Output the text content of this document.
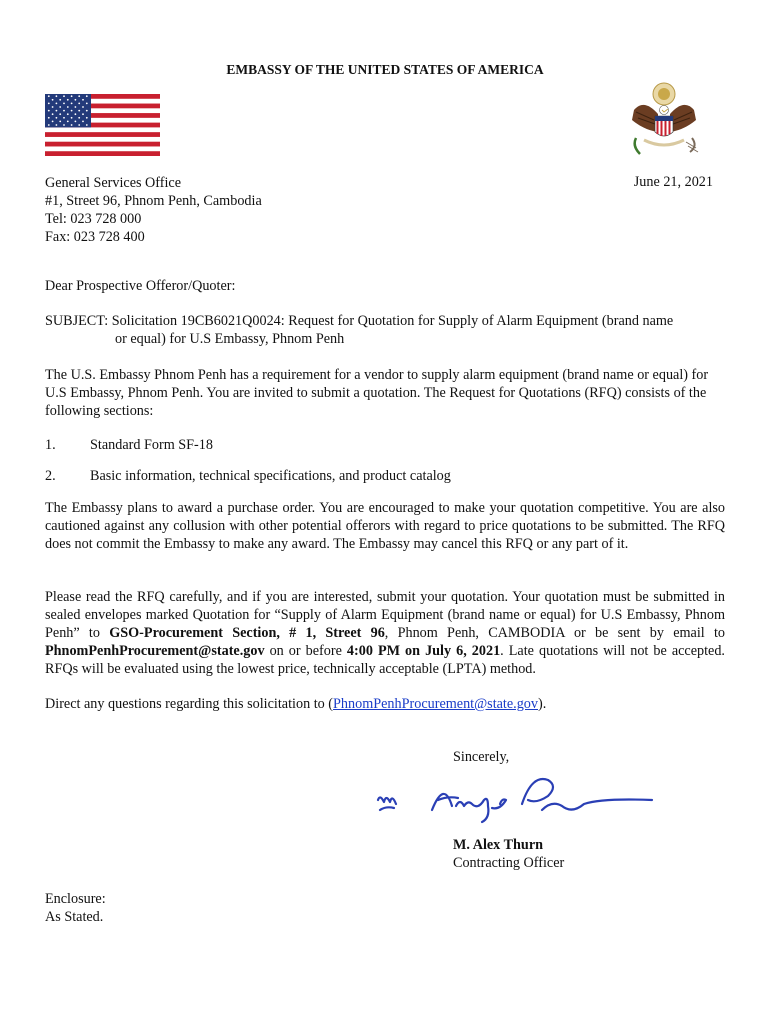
EMBASSY OF THE UNITED STATES OF AMERICA
General Services Office
#1, Street 96, Phnom Penh, Cambodia
Tel: 023 728 000
Fax: 023 728 400
June 21, 2021
Dear Prospective Offeror/Quoter:
SUBJECT: Solicitation 19CB6021Q0024: Request for Quotation for Supply of Alarm Equipment (brand name
or equal) for U.S Embassy, Phnom Penh
The U.S. Embassy Phnom Penh has a requirement for a vendor to supply alarm equipment (brand name or equal) for U.S Embassy, Phnom Penh. You are invited to submit a quotation. The Request for Quotations (RFQ) consists of the following sections:
1. Standard Form SF-18
2. Basic information, technical specifications, and product catalog
The Embassy plans to award a purchase order. You are encouraged to make your quotation competitive. You are also cautioned against any collusion with other potential offerors with regard to price quotations to be submitted. The RFQ does not commit the Embassy to make any award. The Embassy may cancel this RFQ or any part of it.
Please read the RFQ carefully, and if you are interested, submit your quotation. Your quotation must be submitted in sealed envelopes marked Quotation for “Supply of Alarm Equipment (brand name or equal) for U.S Embassy, Phnom Penh” to GSO-Procurement Section, # 1, Street 96, Phnom Penh, CAMBODIA or be sent by email to PhnomPenhProcurement@state.gov on or before 4:00 PM on July 6, 2021. Late quotations will not be accepted. RFQs will be evaluated using the lowest price, technically acceptable (LPTA) method.
Direct any questions regarding this solicitation to (PhnomPenhProcurement@state.gov).
Sincerely,
M. Alex Thurn
Contracting Officer
Enclosure:
As Stated.
